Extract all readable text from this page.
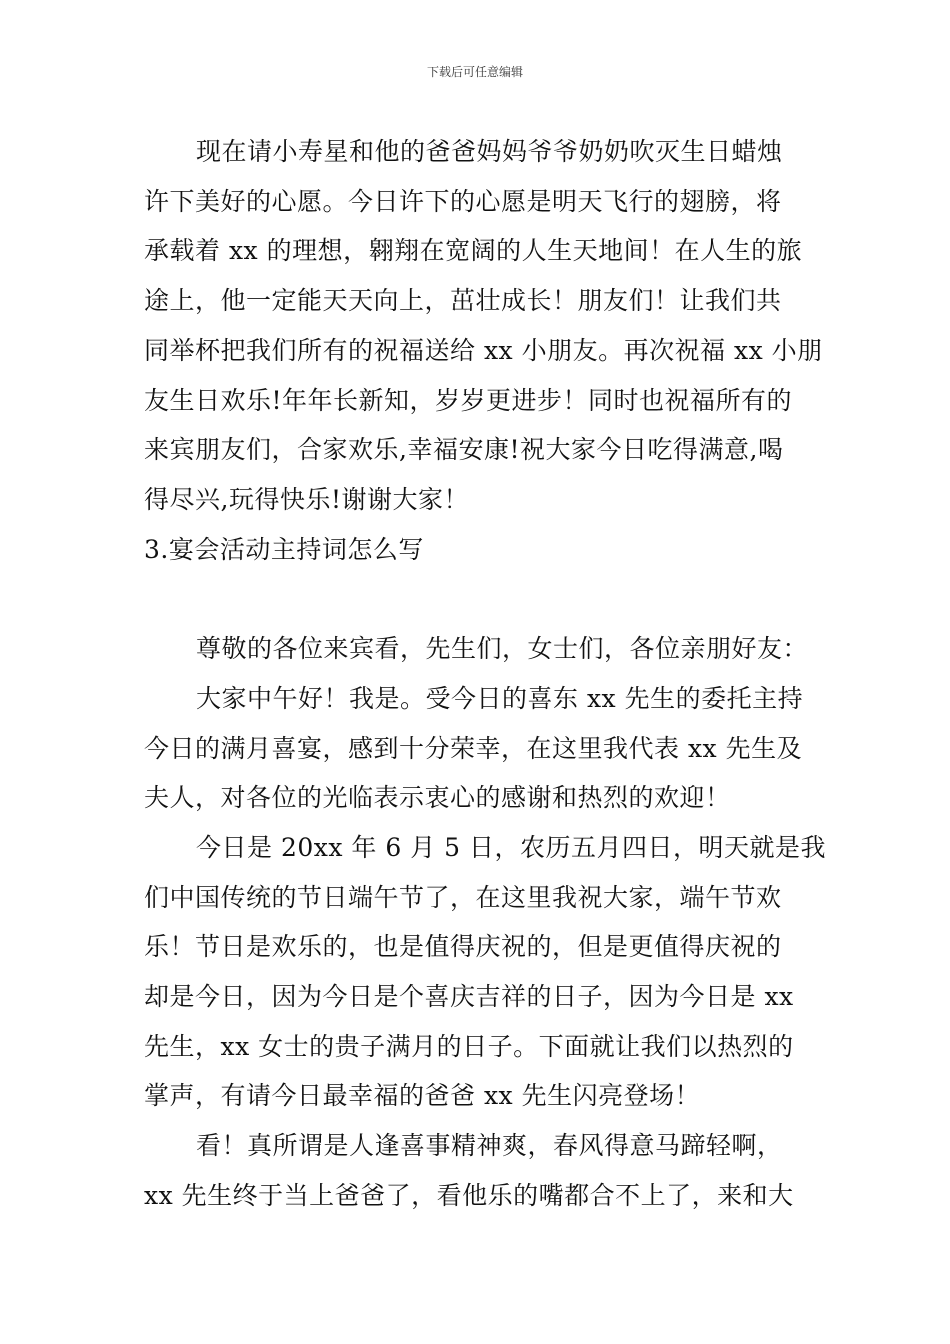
下载后可任意编辑
现在请小寿星和他的爸爸妈妈爷爷奶奶吹灭生日蜡烛
许下美好的心愿。今日许下的心愿是明天飞行的翅膀，将
承载着 xx 的理想，翱翔在宽阔的人生天地间！在人生的旅
途上，他一定能天天向上，茁壮成长！朋友们！让我们共
同举杯把我们所有的祝福送给 xx 小朋友。再次祝福 xx 小朋
友生日欢乐!年年长新知，岁岁更进步！同时也祝福所有的
来宾朋友们，合家欢乐,幸福安康!祝大家今日吃得满意,喝
得尽兴,玩得快乐!谢谢大家！
3.宴会活动主持词怎么写
尊敬的各位来宾看，先生们，女士们，各位亲朋好友：
大家中午好！我是。受今日的喜东 xx 先生的委托主持
今日的满月喜宴，感到十分荣幸，在这里我代表 xx 先生及
夫人，对各位的光临表示衷心的感谢和热烈的欢迎！
今日是 20xx 年 6 月 5 日，农历五月四日，明天就是我
们中国传统的节日端午节了，在这里我祝大家，端午节欢
乐！节日是欢乐的，也是值得庆祝的，但是更值得庆祝的
却是今日，因为今日是个喜庆吉祥的日子，因为今日是 xx
先生，xx 女士的贵子满月的日子。下面就让我们以热烈的
掌声，有请今日最幸福的爸爸 xx 先生闪亮登场！
看！真所谓是人逢喜事精神爽，春风得意马蹄轻啊，
xx 先生终于当上爸爸了，看他乐的嘴都合不上了，来和大
